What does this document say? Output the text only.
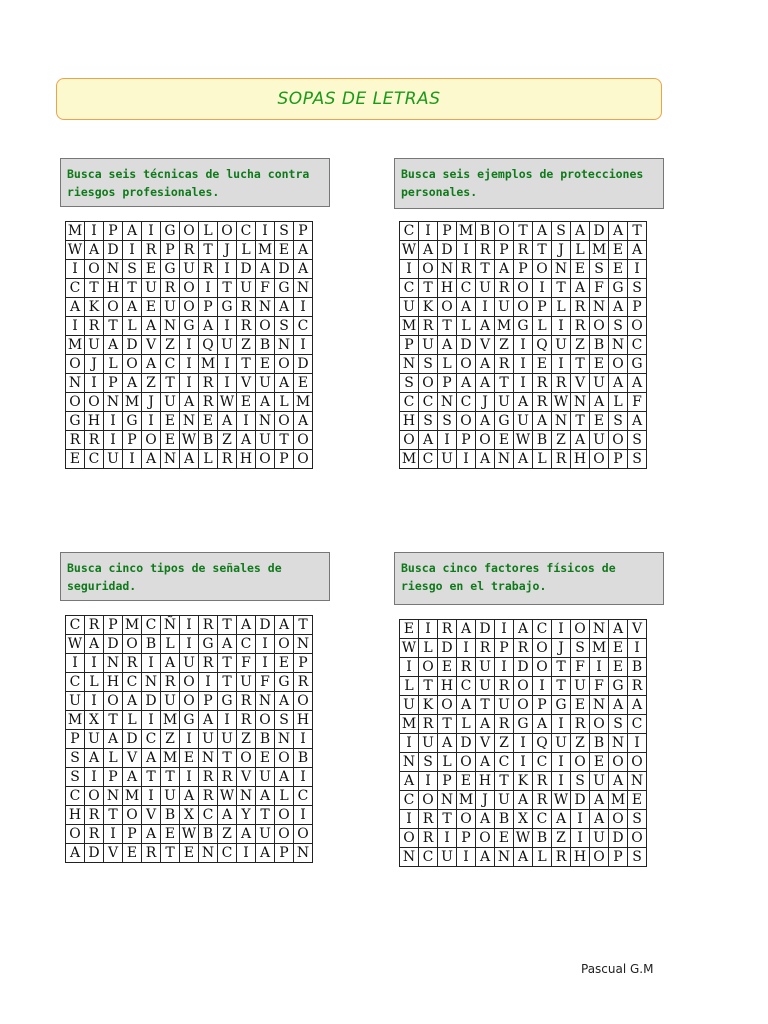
SOPAS DE LETRAS
Busca seis técnicas de lucha contra riesgos profesionales.
Busca seis ejemplos de protecciones personales.
Busca cinco tipos de señales de seguridad.
Busca cinco factores físicos de riesgo en el trabajo.
M	I	P	A	I	G	O	L	O	C	I	S	P
W	A	D	I	R	P	R	T	J	L	M	E	A
I	O	N	S	E	G	U	R	I	D	A	D	A
C	T	H	T	U	R	O	I	T	U	F	G	N
A	K	O	A	E	U	O	P	G	R	N	A	I
I	R	T	L	A	N	G	A	I	R	O	S	C
M	U	A	D	V	Z	I	Q	U	Z	B	N	I
O	J	L	O	A	C	I	M	I	T	E	O	D
N	I	P	A	Z	T	I	R	I	V	U	A	E
O	O	N	M	J	U	A	R	W	E	A	L	M
G	H	I	G	I	E	N	E	A	I	N	O	A
R	R	I	P	O	E	W	B	Z	A	U	T	O
E	C	U	I	A	N	A	L	R	H	O	P	O
C	I	P	M	B	O	T	A	S	A	D	A	T
W	A	D	I	R	P	R	T	J	L	M	E	A
I	O	N	R	T	A	P	O	N	E	S	E	I
C	T	H	C	U	R	O	I	T	A	F	G	S
U	K	O	A	I	U	O	P	L	R	N	A	P
M	R	T	L	A	M	G	L	I	R	O	S	O
P	U	A	D	V	Z	I	Q	U	Z	B	N	C
N	S	L	O	A	R	I	E	I	T	E	O	G
S	O	P	A	A	T	I	R	R	V	U	A	A
C	C	N	C	J	U	A	R	W	N	A	L	F
H	S	S	O	A	G	U	A	N	T	E	S	A
O	A	I	P	O	E	W	B	Z	A	U	O	S
M	C	U	I	A	N	A	L	R	H	O	P	S
C	R	P	M	C	Ñ	I	R	T	A	D	A	T
W	A	D	O	B	L	I	G	A	C	I	O	N
I	I	N	R	I	A	U	R	T	F	I	E	P
C	L	H	C	N	R	O	I	T	U	F	G	R
U	I	O	A	D	U	O	P	G	R	N	A	O
M	X	T	L	I	M	G	A	I	R	O	S	H
P	U	A	D	C	Z	I	U	U	Z	B	N	I
S	A	L	V	A	M	E	N	T	O	E	O	B
S	I	P	A	T	T	I	R	R	V	U	A	I
C	O	N	M	I	U	A	R	W	N	A	L	C
H	R	T	O	V	B	X	C	A	Y	T	O	I
O	R	I	P	A	E	W	B	Z	A	U	O	O
A	D	V	E	R	T	E	N	C	I	A	P	N
E	I	R	A	D	I	A	C	I	O	N	A	V
W	L	D	I	R	P	R	O	J	S	M	E	I
I	O	E	R	U	I	D	O	T	F	I	E	B
L	T	H	C	U	R	O	I	T	U	F	G	R
U	K	O	A	T	U	O	P	G	E	N	A	A
M	R	T	L	A	R	G	A	I	R	O	S	C
I	U	A	D	V	Z	I	Q	U	Z	B	N	I
N	S	L	O	A	C	I	C	I	O	E	O	O
A	I	P	E	H	T	K	R	I	S	U	A	N
C	O	N	M	J	U	A	R	W	D	A	M	E
I	R	T	O	A	B	X	C	A	I	A	O	S
O	R	I	P	O	E	W	B	Z	I	U	D	O
N	C	U	I	A	N	A	L	R	H	O	P	S
Pascual G.M
